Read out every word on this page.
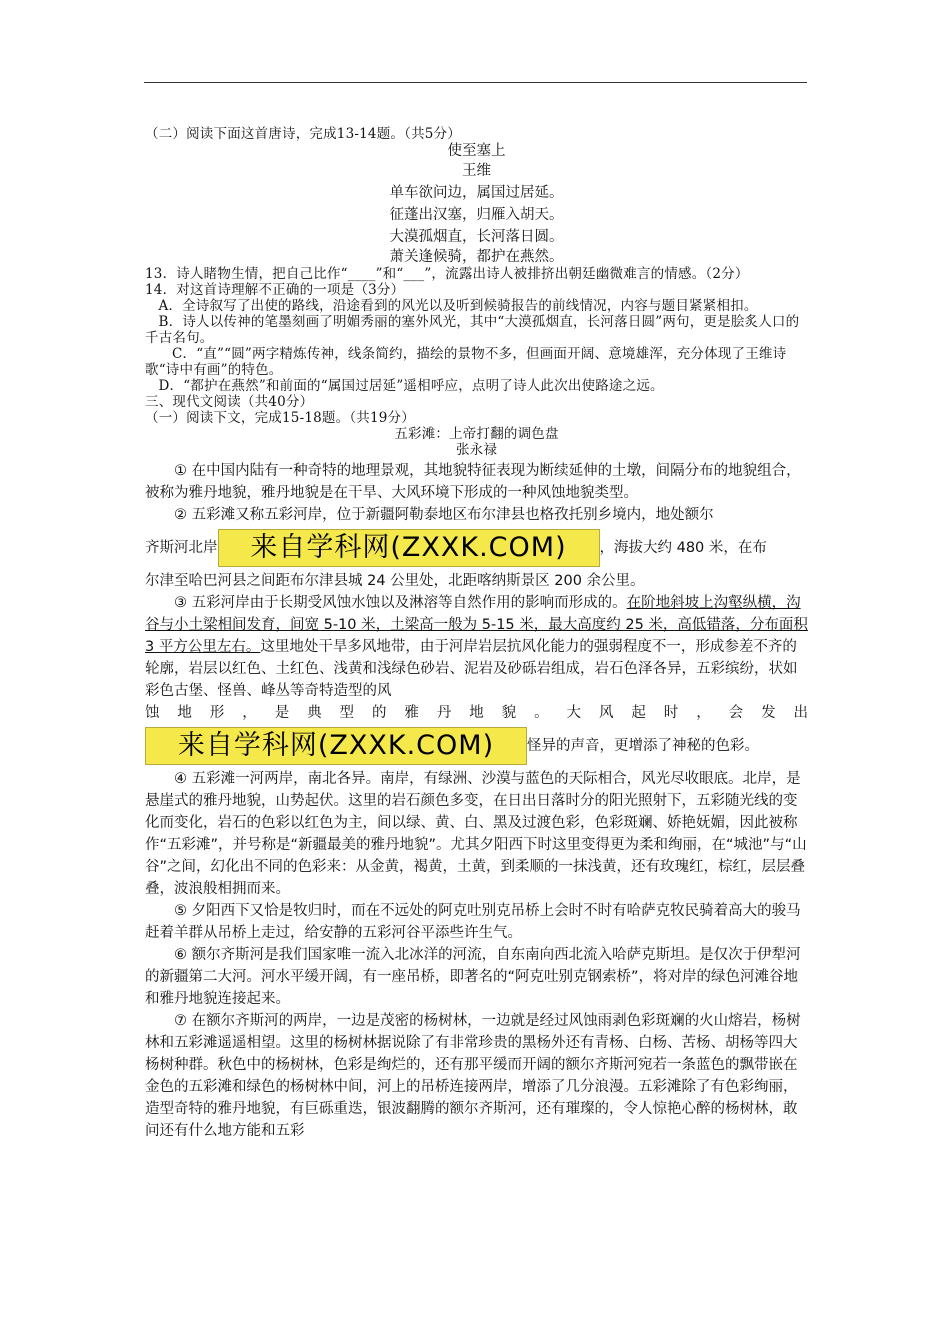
（二）阅读下面这首唐诗，完成13-14题。（共5分）

使至塞上

王维

单车欲问边，属国过居延。

征蓬出汉塞，归雁入胡天。

大漠孤烟直，长河落日圆。

萧关逢候骑，都护在燕然。

13．诗人睹物生情，把自己比作“____”和“___”，流露出诗人被排挤出朝廷幽微难言的情感。（2分）

14．对这首诗理解不正确的一项是（3分）

A．全诗叙写了出使的路线，沿途看到的风光以及听到候骑报告的前线情况，内容与题目紧紧相扣。

B．诗人以传神的笔墨刻画了明媚秀丽的塞外风光，其中“大漠孤烟直，长河落日圆”两句，更是脍炙人口的千古名句。

C．“直”“圆”两字精炼传神，线条简约，描绘的景物不多，但画面开阔、意境雄浑，充分体现了王维诗歌“诗中有画”的特色。

D．“都护在燕然”和前面的“属国过居延”遥相呼应，点明了诗人此次出使路途之远。

三、现代文阅读（共40分）

（一）阅读下文，完成15-18题。（共19分）

五彩滩：上帝打翻的调色盘

张永禄

① 在中国内陆有一种奇特的地理景观，其地貌特征表现为断续延伸的土墩，间隔分布的地貌组合，被称为雅丹地貌，雅丹地貌是在干旱、大风环境下形成的一种风蚀地貌类型。

② 五彩滩又称五彩河岸，位于新疆阿勒泰地区布尔津县也格孜托别乡境内，地处额尔

齐斯河北岸 来自学科网(ZXXK.COM) ，海拔大约 480 米，在布

尔津至哈巴河县之间距布尔津县城 24 公里处，北距喀纳斯景区 200 余公里。

③ 五彩河岸由于长期受风蚀水蚀以及淋溶等自然作用的影响而形成的。在阶地斜坡上沟壑纵横，沟谷与小土梁相间发育，间宽 5-10 米，土梁高一般为 5-15 米，最大高度约 25 米，高低错落，分布面积 3 平方公里左右。这里地处干旱多风地带，由于河岸岩层抗风化能力的强弱程度不一，形成参差不齐的轮廓，岩层以红色、土红色、浅黄和浅绿色砂岩、泥岩及砂砾岩组成，岩石色泽各异，五彩缤纷，状如彩色古堡、怪兽、峰丛等奇特造型的风

蚀地形，是典型的雅丹地貌。大风起时，会发出

来自学科网(ZXXK.COM) 怪异的声音，更增添了神秘的色彩。

④ 五彩滩一河两岸，南北各异。南岸，有绿洲、沙漠与蓝色的天际相合，风光尽收眼底。北岸，是悬崖式的雅丹地貌，山势起伏。这里的岩石颜色多变，在日出日落时分的阳光照射下，五彩随光线的变化而变化，岩石的色彩以红色为主，间以绿、黄、白、黑及过渡色彩，色彩斑斓、娇艳妩媚，因此被称作“五彩滩”，并号称是“新疆最美的雅丹地貌”。尤其夕阳西下时这里变得更为柔和绚丽，在“城池”与“山谷”之间，幻化出不同的色彩来：从金黄，褐黄，土黄，到柔顺的一抹浅黄，还有玫瑰红，棕红，层层叠叠，波浪般相拥而来。

⑤ 夕阳西下又恰是牧归时，而在不远处的阿克吐别克吊桥上会时不时有哈萨克牧民骑着高大的骏马赶着羊群从吊桥上走过，给安静的五彩河谷平添些许生气。

⑥ 额尔齐斯河是我们国家唯一流入北冰洋的河流，自东南向西北流入哈萨克斯坦。是仅次于伊犁河的新疆第二大河。河水平缓开阔，有一座吊桥，即著名的“阿克吐别克钢索桥”，将对岸的绿色河滩谷地和雅丹地貌连接起来。

⑦ 在额尔齐斯河的两岸，一边是茂密的杨树林，一边就是经过风蚀雨剥色彩斑斓的火山熔岩，杨树林和五彩滩遥遥相望。这里的杨树林据说除了有非常珍贵的黑杨外还有青杨、白杨、苦杨、胡杨等四大杨树种群。秋色中的杨树林，色彩是绚烂的，还有那平缓而开阔的额尔齐斯河宛若一条蓝色的飘带嵌在金色的五彩滩和绿色的杨树林中间，河上的吊桥连接两岸，增添了几分浪漫。五彩滩除了有色彩绚丽，造型奇特的雅丹地貌，有巨砾重迭，银波翻腾的额尔齐斯河，还有璀璨的，令人惊艳心醉的杨树林，敢问还有什么地方能和五彩
